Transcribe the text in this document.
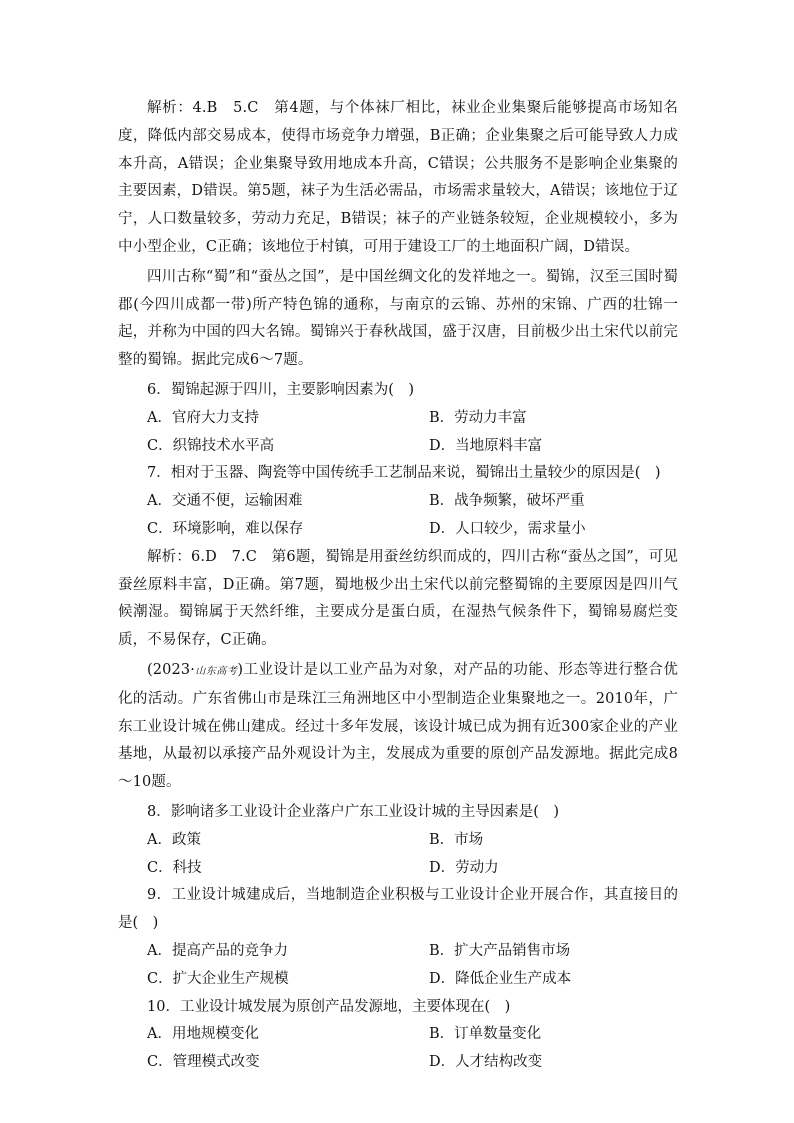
解析：4.B　5.C　第4题，与个体袜厂相比，袜业企业集聚后能够提高市场知名度，降低内部交易成本，使得市场竞争力增强，B正确；企业集聚之后可能导致人力成本升高，A错误；企业集聚导致用地成本升高，C错误；公共服务不是影响企业集聚的主要因素，D错误。第5题，袜子为生活必需品，市场需求量较大，A错误；该地位于辽宁，人口数量较多，劳动力充足，B错误；袜子的产业链条较短，企业规模较小，多为中小型企业，C正确；该地位于村镇，可用于建设工厂的土地面积广阔，D错误。

四川古称“蜀”和“蚕丛之国”，是中国丝绸文化的发祥地之一。蜀锦，汉至三国时蜀郡(今四川成都一带)所产特色锦的通称，与南京的云锦、苏州的宋锦、广西的壮锦一起，并称为中国的四大名锦。蜀锦兴于春秋战国，盛于汉唐，目前极少出土宋代以前完整的蜀锦。据此完成6～7题。

6．蜀锦起源于四川，主要影响因素为(　)

A．官府大力支持	B．劳动力丰富
C．织锦技术水平高	D．当地原料丰富

7．相对于玉器、陶瓷等中国传统手工艺制品来说，蜀锦出土量较少的原因是(　)

A．交通不便，运输困难	B．战争频繁，破坏严重
C．环境影响，难以保存	D．人口较少，需求量小

解析：6.D　7.C　第6题，蜀锦是用蚕丝纺织而成的，四川古称“蚕丛之国”，可见蚕丝原料丰富，D正确。第7题，蜀地极少出土宋代以前完整蜀锦的主要原因是四川气候潮湿。蜀锦属于天然纤维，主要成分是蛋白质，在湿热气候条件下，蜀锦易腐烂变质，不易保存，C正确。

(2023·山东高考)工业设计是以工业产品为对象，对产品的功能、形态等进行整合优化的活动。广东省佛山市是珠江三角洲地区中小型制造企业集聚地之一。2010年，广东工业设计城在佛山建成。经过十多年发展，该设计城已成为拥有近300家企业的产业基地，从最初以承接产品外观设计为主，发展成为重要的原创产品发源地。据此完成8～10题。

8．影响诸多工业设计企业落户广东工业设计城的主导因素是(　)

A．政策	B．市场
C．科技	D．劳动力

9．工业设计城建成后，当地制造企业积极与工业设计企业开展合作，其直接目的是(　)

A．提高产品的竞争力	B．扩大产品销售市场
C．扩大企业生产规模	D．降低企业生产成本

10．工业设计城发展为原创产品发源地，主要体现在(　)

A．用地规模变化	B．订单数量变化
C．管理模式改变	D．人才结构改变
